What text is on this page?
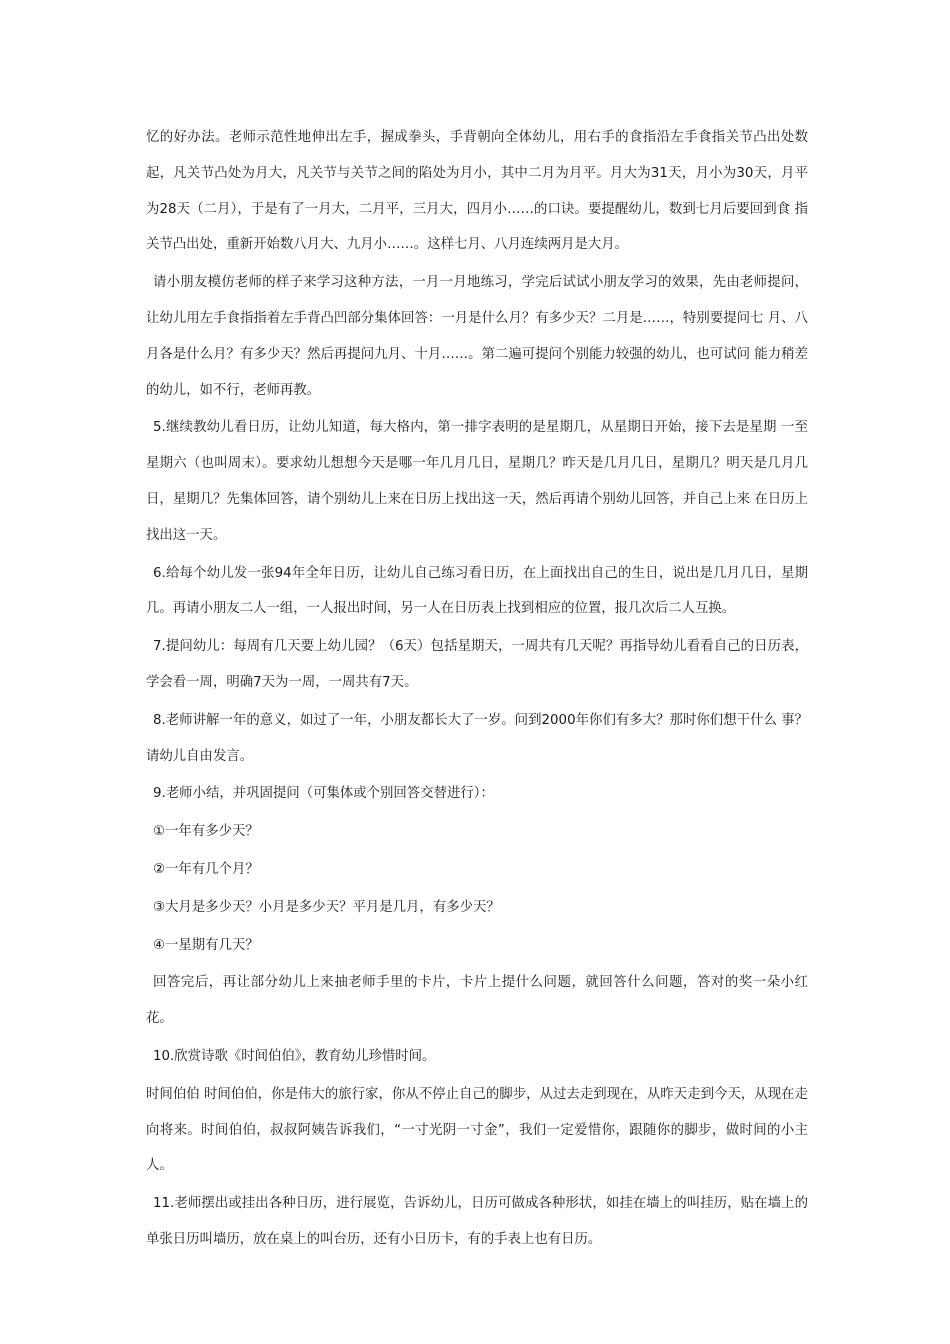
忆的好办法。老师示范性地伸出左手，握成拳头，手背朝向全体幼儿，用右手的食指沿左手食指关节凸出处数 起，凡关节凸处为月大，凡关节与关节之间的陷处为月小，其中二月为月平。月大为31天，月小为30天，月平 为28天（二月），于是有了一月大，二月平，三月大，四月小……的口诀。要提醒幼儿，数到七月后要回到食 指关节凸出处，重新开始数八月大、九月小……。这样七月、八月连续两月是大月。

请小朋友模仿老师的样子来学习这种方法，一月一月地练习，学完后试试小朋友学习的效果，先由老师提问，让幼儿用左手食指指着左手背凸凹部分集体回答：一月是什么月？有多少天？二月是……，特别要提问七 月、八月各是什么月？有多少天？然后再提问九月、十月……。第二遍可提问个别能力较强的幼儿，也可试问 能力稍差的幼儿，如不行，老师再教。

5.继续教幼儿看日历，让幼儿知道，每大格内，第一排字表明的是星期几，从星期日开始，接下去是星期 一至星期六（也叫周末）。要求幼儿想想今天是哪一年几月几日，星期几？昨天是几月几日，星期几？明天是几月几日，星期几？先集体回答，请个别幼儿上来在日历上找出这一天，然后再请个别幼儿回答，并自己上来 在日历上找出这一天。

6.给每个幼儿发一张94年全年日历，让幼儿自己练习看日历，在上面找出自己的生日，说出是几月几日，星期几。再请小朋友二人一组，一人报出时间，另一人在日历表上找到相应的位置，报几次后二人互换。

7.提问幼儿：每周有几天要上幼儿园？（6天）包括星期天，一周共有几天呢？再指导幼儿看看自己的日历表，学会看一周，明确7天为一周，一周共有7天。

8.老师讲解一年的意义，如过了一年，小朋友都长大了一岁。问到2000年你们有多大？那时你们想干什么 事？请幼儿自由发言。

9.老师小结，并巩固提问（可集体或个别回答交替进行）：

①一年有多少天？

②一年有几个月？

③大月是多少天？小月是多少天？平月是几月，有多少天？

④一星期有几天？

回答完后，再让部分幼儿上来抽老师手里的卡片，卡片上提什么问题，就回答什么问题，答对的奖一朵小红花。

10.欣赏诗歌《时间伯伯》，教育幼儿珍惜时间。

时间伯伯 时间伯伯，你是伟大的旅行家，你从不停止自己的脚步，从过去走到现在，从昨天走到今天，从现在走向将来。时间伯伯，叔叔阿姨告诉我们，“一寸光阴一寸金”，我们一定爱惜你，跟随你的脚步，做时间的小主人。

11.老师摆出或挂出各种日历，进行展览，告诉幼儿，日历可做成各种形状，如挂在墙上的叫挂历，贴在墙上的单张日历叫墙历，放在桌上的叫台历，还有小日历卡，有的手表上也有日历。
